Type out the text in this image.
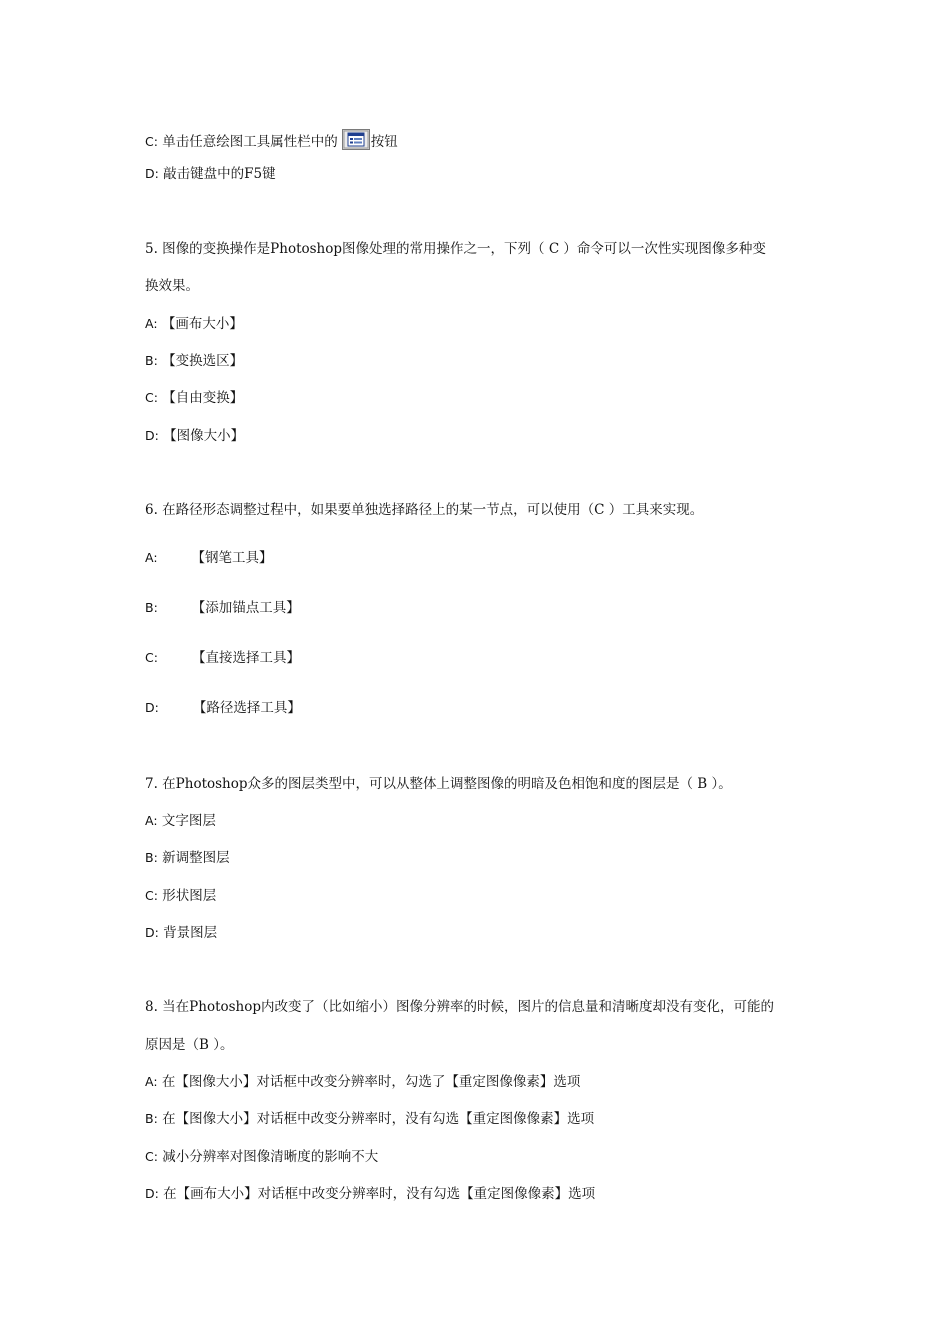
C: 单击任意绘图工具属性栏中的 按钮
D: 敲击键盘中的F5键
5. 图像的变换操作是Photoshop图像处理的常用操作之一，下列（ C ）命令可以一次性实现图像多种变
换效果。
A: 【画布大小】
B: 【变换选区】
C: 【自由变换】
D: 【图像大小】
6. 在路径形态调整过程中，如果要单独选择路径上的某一节点，可以使用（C ）工具来实现。
A:	【钢笔工具】
B:	【添加锚点工具】
C:	【直接选择工具】
D:	【路径选择工具】
7. 在Photoshop众多的图层类型中，可以从整体上调整图像的明暗及色相饱和度的图层是（ B ）。
A: 文字图层
B: 新调整图层
C: 形状图层
D: 背景图层
8. 当在Photoshop内改变了（比如缩小）图像分辨率的时候，图片的信息量和清晰度却没有变化，可能的
原因是（B ）。
A: 在【图像大小】对话框中改变分辨率时，勾选了【重定图像像素】选项
B: 在【图像大小】对话框中改变分辨率时，没有勾选【重定图像像素】选项
C: 减小分辨率对图像清晰度的影响不大
D: 在【画布大小】对话框中改变分辨率时，没有勾选【重定图像像素】选项
